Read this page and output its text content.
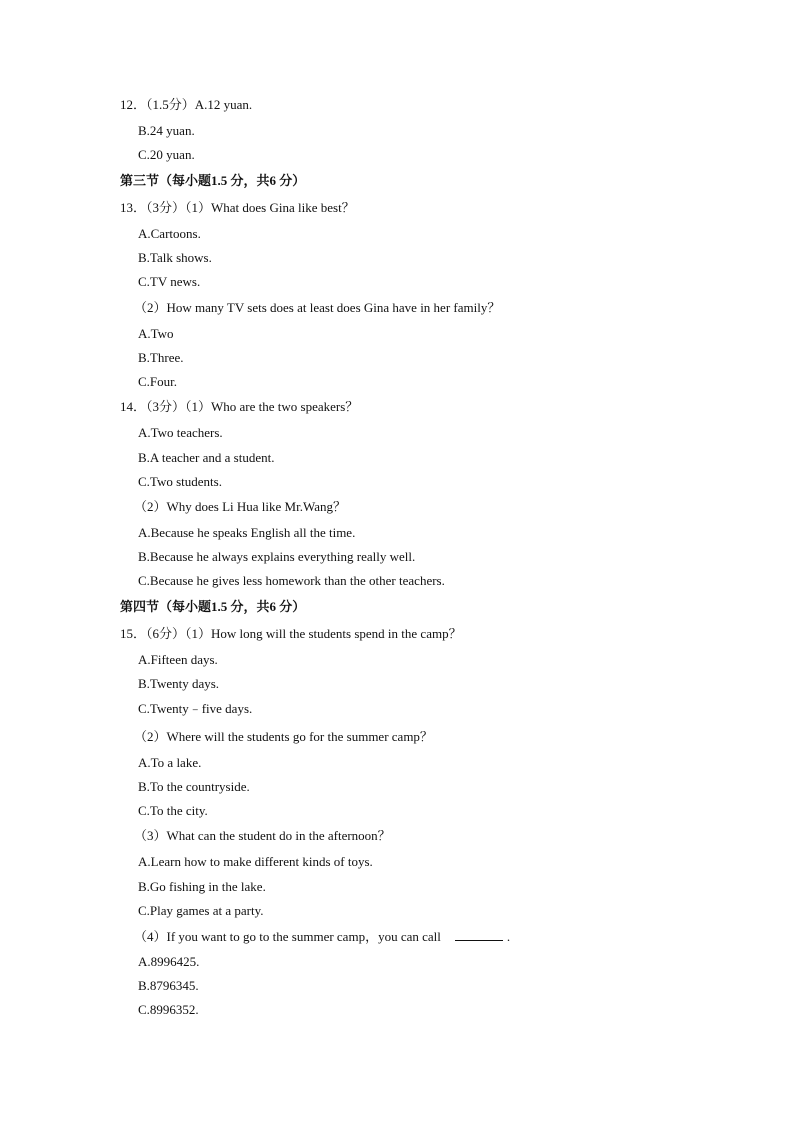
12．（1.5分）A.12 yuan.
B.24 yuan.
C.20 yuan.
第三节（每小题1.5 分，共6 分）
13．（3分）（1）What does Gina like best？
A.Cartoons.
B.Talk shows.
C.TV news.
（2）How many TV sets does at least does Gina have in her family？
A.Two
B.Three.
C.Four.
14．（3分）（1）Who are the two speakers？
A.Two teachers.
B.A teacher and a student.
C.Two students.
（2）Why does Li Hua like Mr.Wang？
A.Because he speaks English all the time.
B.Because he always explains everything really well.
C.Because he gives less homework than the other teachers.
第四节（每小题1.5 分，共6 分）
15．（6分）（1）How long will the students spend in the camp？
A.Fifteen days.
B.Twenty days.
C.Twenty﹣five days.
（2）Where will the students go for the summer camp？
A.To a lake.
B.To the countryside.
C.To the city.
（3）What can the student do in the afternoon？
A.Learn how to make different kinds of toys.
B.Go fishing in the lake.
C.Play games at a party.
（4）If you want to go to the summer camp，you can call	.
A.8996425.
B.8796345.
C.8996352.
